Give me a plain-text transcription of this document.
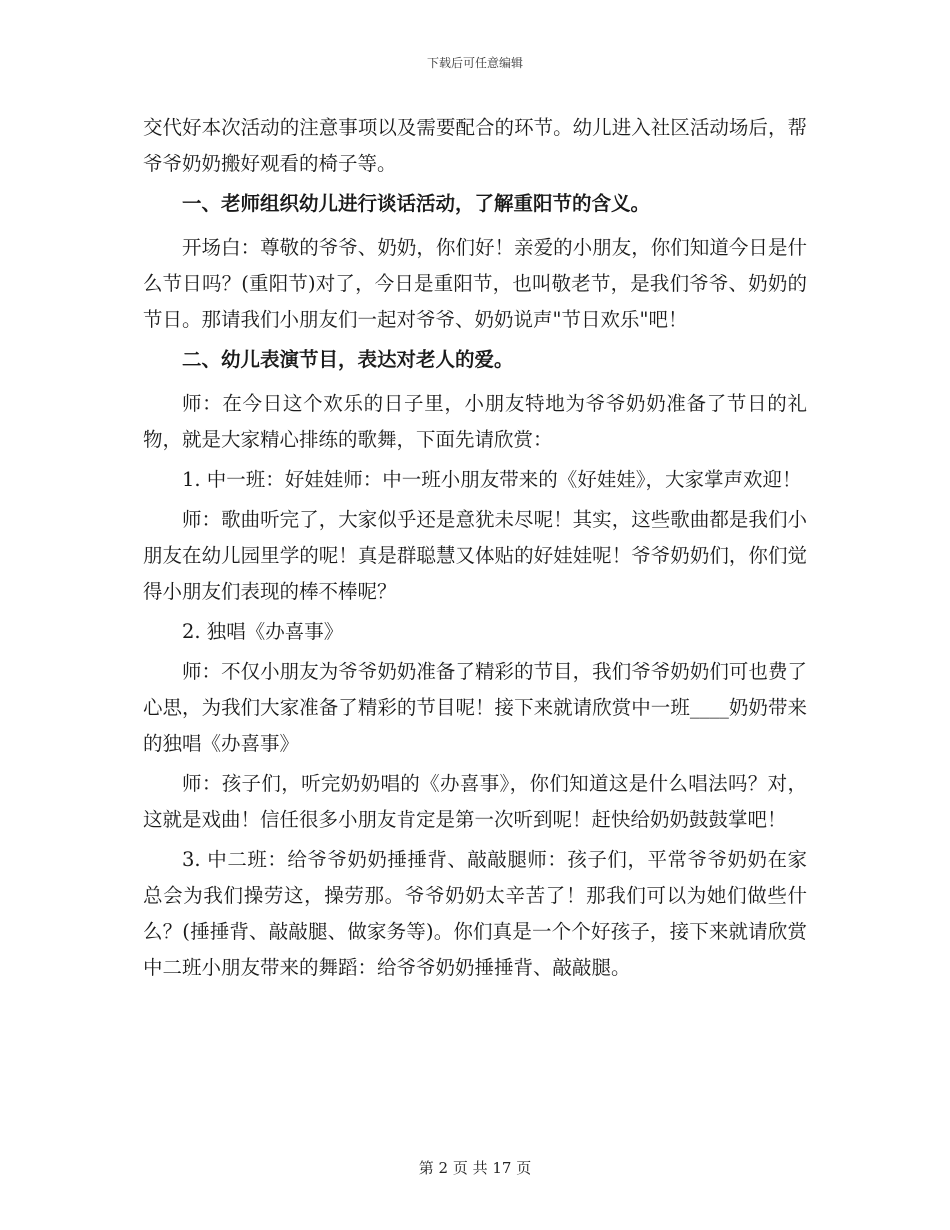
下载后可任意编辑

交代好本次活动的注意事项以及需要配合的环节。幼儿进入社区活动场后，帮爷爷奶奶搬好观看的椅子等。

一、老师组织幼儿进行谈话活动，了解重阳节的含义。

开场白：尊敬的爷爷、奶奶，你们好！亲爱的小朋友，你们知道今日是什么节日吗？(重阳节)对了，今日是重阳节，也叫敬老节，是我们爷爷、奶奶的节日。那请我们小朋友们一起对爷爷、奶奶说声"节日欢乐"吧！

二、幼儿表演节目，表达对老人的爱。

师：在今日这个欢乐的日子里，小朋友特地为爷爷奶奶准备了节日的礼物，就是大家精心排练的歌舞，下面先请欣赏：

1. 中一班：好娃娃师：中一班小朋友带来的《好娃娃》，大家掌声欢迎！

师：歌曲听完了，大家似乎还是意犹未尽呢！其实，这些歌曲都是我们小朋友在幼儿园里学的呢！真是群聪慧又体贴的好娃娃呢！爷爷奶奶们，你们觉得小朋友们表现的棒不棒呢？

2. 独唱《办喜事》

师：不仅小朋友为爷爷奶奶准备了精彩的节目，我们爷爷奶奶们可也费了心思，为我们大家准备了精彩的节目呢！接下来就请欣赏中一班____奶奶带来的独唱《办喜事》

师：孩子们，听完奶奶唱的《办喜事》，你们知道这是什么唱法吗？对，这就是戏曲！信任很多小朋友肯定是第一次听到呢！赶快给奶奶鼓鼓掌吧！

3. 中二班：给爷爷奶奶捶捶背、敲敲腿师：孩子们，平常爷爷奶奶在家总会为我们操劳这，操劳那。爷爷奶奶太辛苦了！那我们可以为她们做些什么？(捶捶背、敲敲腿、做家务等)。你们真是一个个好孩子，接下来就请欣赏中二班小朋友带来的舞蹈：给爷爷奶奶捶捶背、敲敲腿。

第 2 页 共 17 页
